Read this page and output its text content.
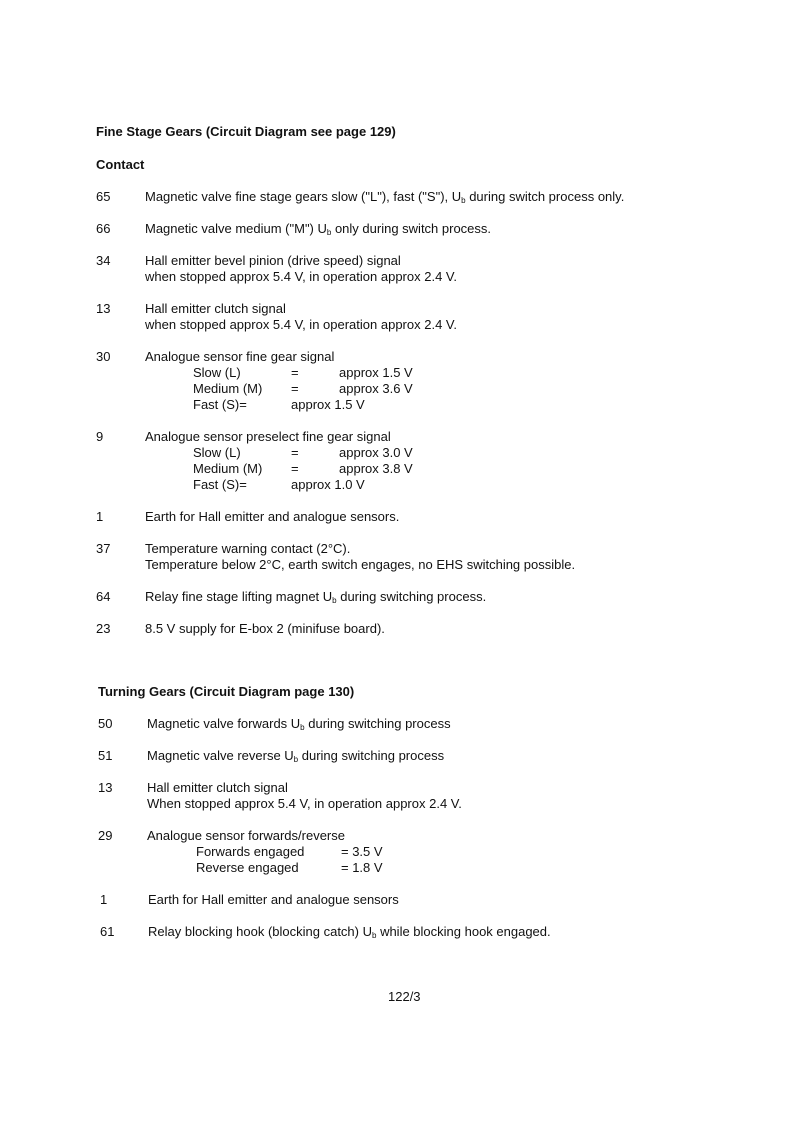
Fine Stage Gears (Circuit Diagram see page 129)
Contact
65	Magnetic valve fine stage gears slow ("L"), fast ("S"), $U_b$ during switch process only.
66	Magnetic valve medium ("M") $U_b$ only during switch process.
34	Hall emitter bevel pinion (drive speed) signal
when stopped approx 5.4 V, in operation approx 2.4 V.
13	Hall emitter clutch signal
when stopped approx 5.4 V, in operation approx 2.4 V.
30	Analogue sensor fine gear signal
Slow (L)	=	approx 1.5 V
Medium (M) =	approx 3.6 V
Fast (S)=	approx 1.5 V
9	Analogue sensor preselect fine gear signal
Slow (L)	=	approx 3.0 V
Medium (M) =	approx 3.8 V
Fast (S)=	approx 1.0 V
1	Earth for Hall emitter and analogue sensors.
37	Temperature warning contact (2°C).
Temperature below 2°C, earth switch engages, no EHS switching possible.
64	Relay fine stage lifting magnet $U_b$ during switching process.
23	8.5 V supply for E-box 2 (minifuse board).
Turning Gears (Circuit Diagram page 130)
50	Magnetic valve forwards $U_b$ during switching process
51	Magnetic valve reverse $U_b$ during switching process
13	Hall emitter clutch signal
When stopped approx 5.4 V, in operation approx 2.4 V.
29	Analogue sensor forwards/reverse
Forwards engaged	= 3.5 V
Reverse engaged	= 1.8 V
1	Earth for Hall emitter and analogue sensors
61	Relay blocking hook (blocking catch) $U_b$ while blocking hook engaged.
122/3
